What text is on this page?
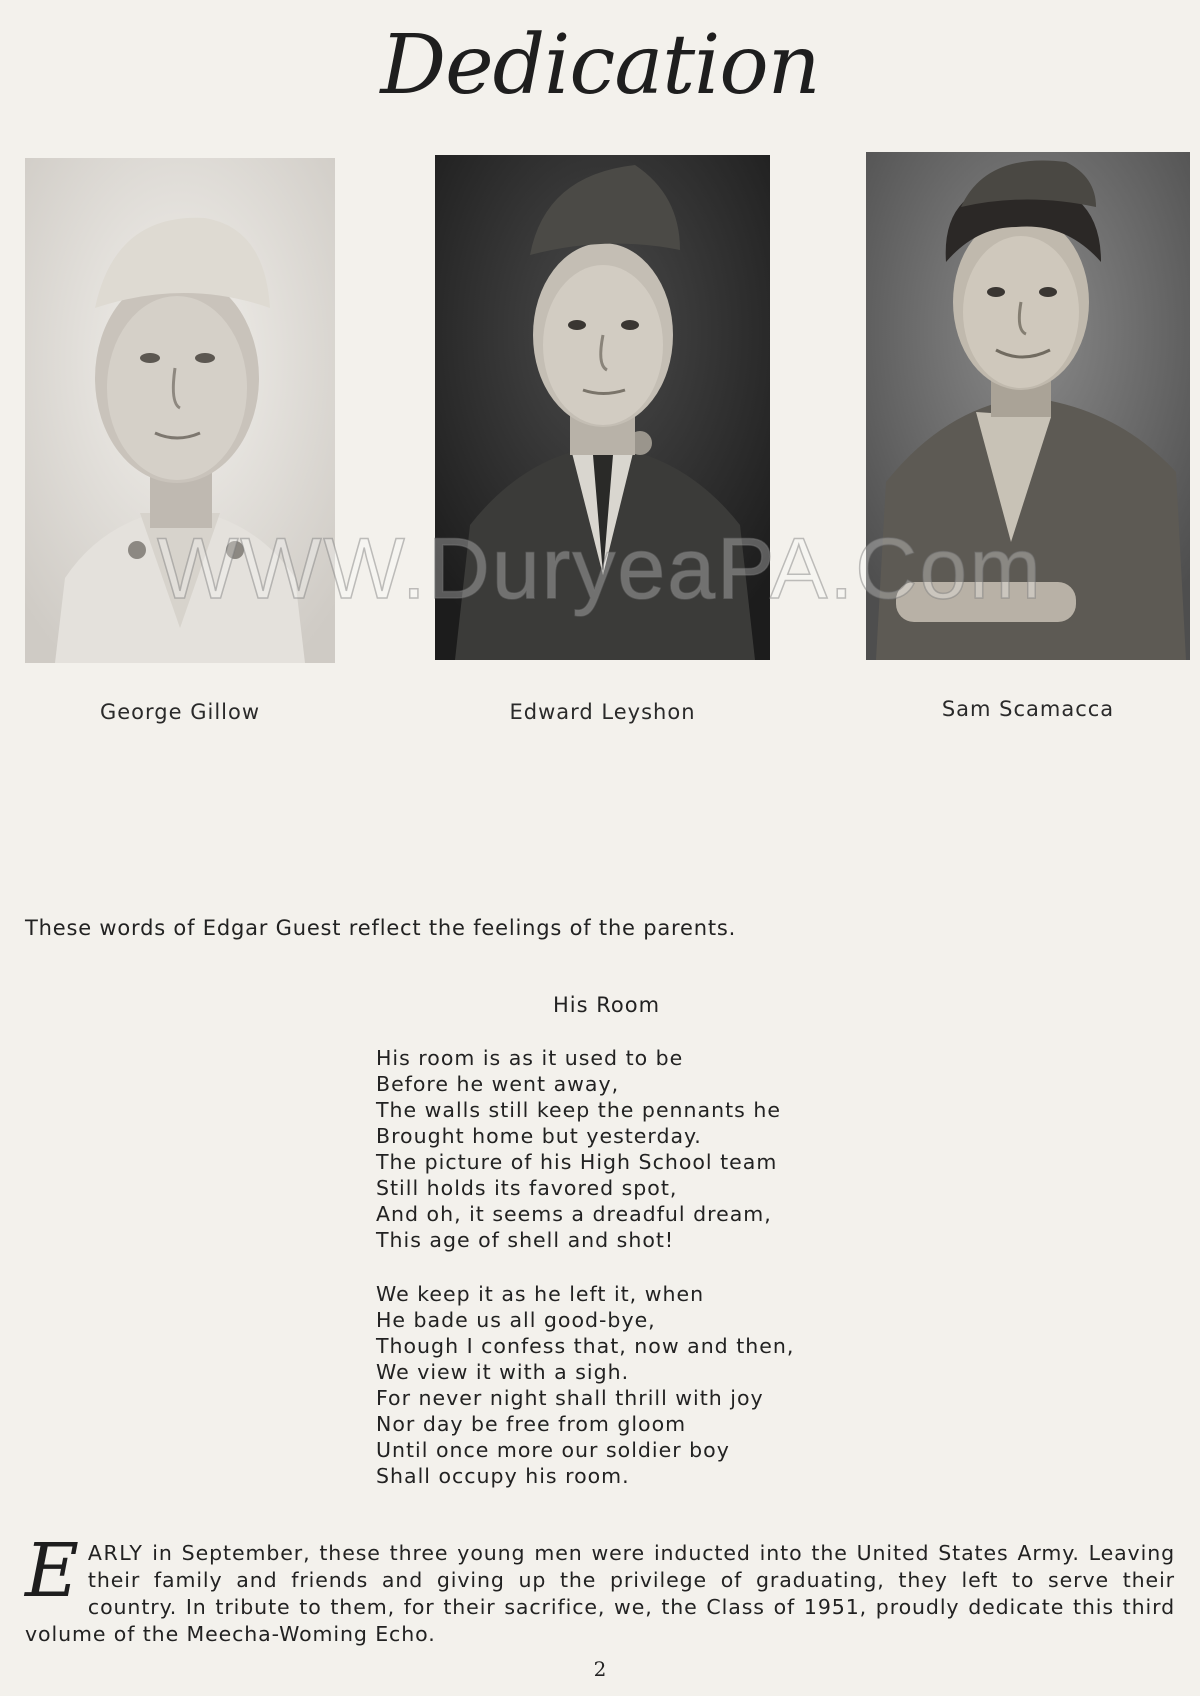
Dedication
WWW.DuryeaPA.Com
George Gillow	Edward Leyshon	Sam Scamacca
These words of Edgar Guest reflect the feelings of the parents.
His Room
His room is as it used to be
Before he went away,
The walls still keep the pennants he
Brought home but yesterday.
The picture of his High School team
Still holds its favored spot,
And oh, it seems a dreadful dream,
This age of shell and shot!
We keep it as he left it, when
He bade us all good-bye,
Though I confess that, now and then,
We view it with a sigh.
For never night shall thrill with joy
Nor day be free from gloom
Until once more our soldier boy
Shall occupy his room.
EARLY in September, these three young men were inducted into the United States Army. Leaving their family and friends and giving up the privilege of graduating, they left to serve their country. In tribute to them, for their sacrifice, we, the Class of 1951, proudly dedicate this third volume of the Meecha-Woming Echo.
2
